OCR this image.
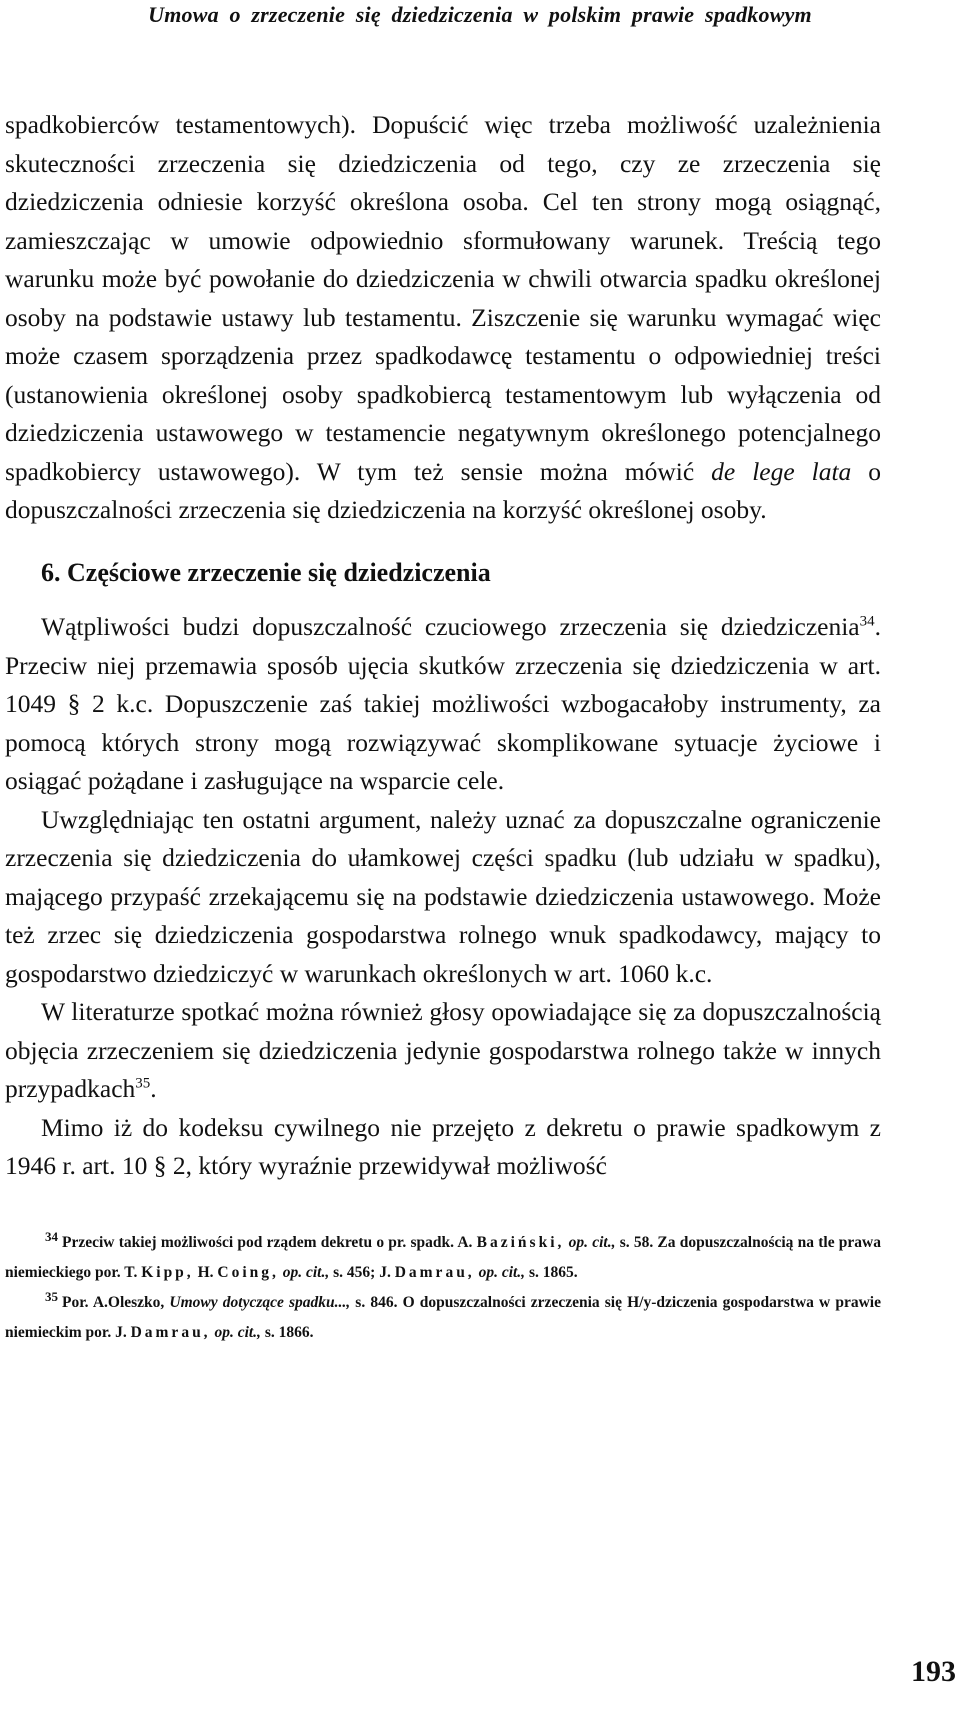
Umowa o zrzeczenie się dziedziczenia w polskim prawie spadkowym

spadkobierców testamentowych). Dopuścić więc trzeba możliwość uzależnienia skuteczności zrzeczenia się dziedziczenia od tego, czy ze zrzeczenia się dziedziczenia odniesie korzyść określona osoba. Cel ten strony mogą osiągnąć, zamieszczając w umowie odpowiednio sformułowany warunek. Treścią tego warunku może być powołanie do dziedziczenia w chwili otwarcia spadku określonej osoby na podstawie ustawy lub testamentu. Ziszczenie się warunku wymagać więc może czasem sporządzenia przez spadkodawcę testamentu o odpowiedniej treści (ustanowienia określonej osoby spadkobiercą testamentowym lub wyłączenia od dziedziczenia ustawowego w testamencie negatywnym określonego potencjalnego spadkobiercy ustawowego). W tym też sensie można mówić de lege lata o dopuszczalności zrzeczenia się dziedziczenia na korzyść określonej osoby.

6. Częściowe zrzeczenie się dziedziczenia

Wątpliwości budzi dopuszczalność czuciowego zrzeczenia się dziedziczenia$^{34}$. Przeciw niej przemawia sposób ujęcia skutków zrzeczenia się dziedziczenia w art. 1049 § 2 k.c. Dopuszczenie zaś takiej możliwości wzbogacałoby instrumenty, za pomocą których strony mogą rozwiązywać skomplikowane sytuacje życiowe i osiągać pożądane i zasługujące na wsparcie cele.

Uwzględniając ten ostatni argument, należy uznać za dopuszczalne ograniczenie zrzeczenia się dziedziczenia do ułamkowej części spadku (lub udziału w spadku), mającego przypaść zrzekającemu się na podstawie dziedziczenia ustawowego. Może też zrzec się dziedziczenia gospodarstwa rolnego wnuk spadkodawcy, mający to gospodarstwo dziedziczyć w warunkach określonych w art. 1060 k.c.

W literaturze spotkać można również głosy opowiadające się za dopuszczalnością objęcia zrzeczeniem się dziedziczenia jedynie gospodarstwa rolnego także w innych przypadkach$^{35}$.

Mimo iż do kodeksu cywilnego nie przejęto z dekretu o prawie spadkowym z 1946 r. art. 10 § 2, który wyraźnie przewidywał możliwość

$^{34}$ Przeciw takiej możliwości pod rządem dekretu o pr. spadk. A. Baziński, op. cit., s. 58. Za dopuszczalnością na tle prawa niemieckiego por. T. Kipp, H. Coing, op. cit., s. 456; J. Damrau, op. cit., s. 1865.

$^{35}$ Por. A.Oleszko, Umowy dotyczące spadku..., s. 846. O dopuszczalności zrzeczenia się H/y-dziczenia gospodarstwa w prawie niemieckim por. J. Damrau, op. cit., s. 1866.

193
